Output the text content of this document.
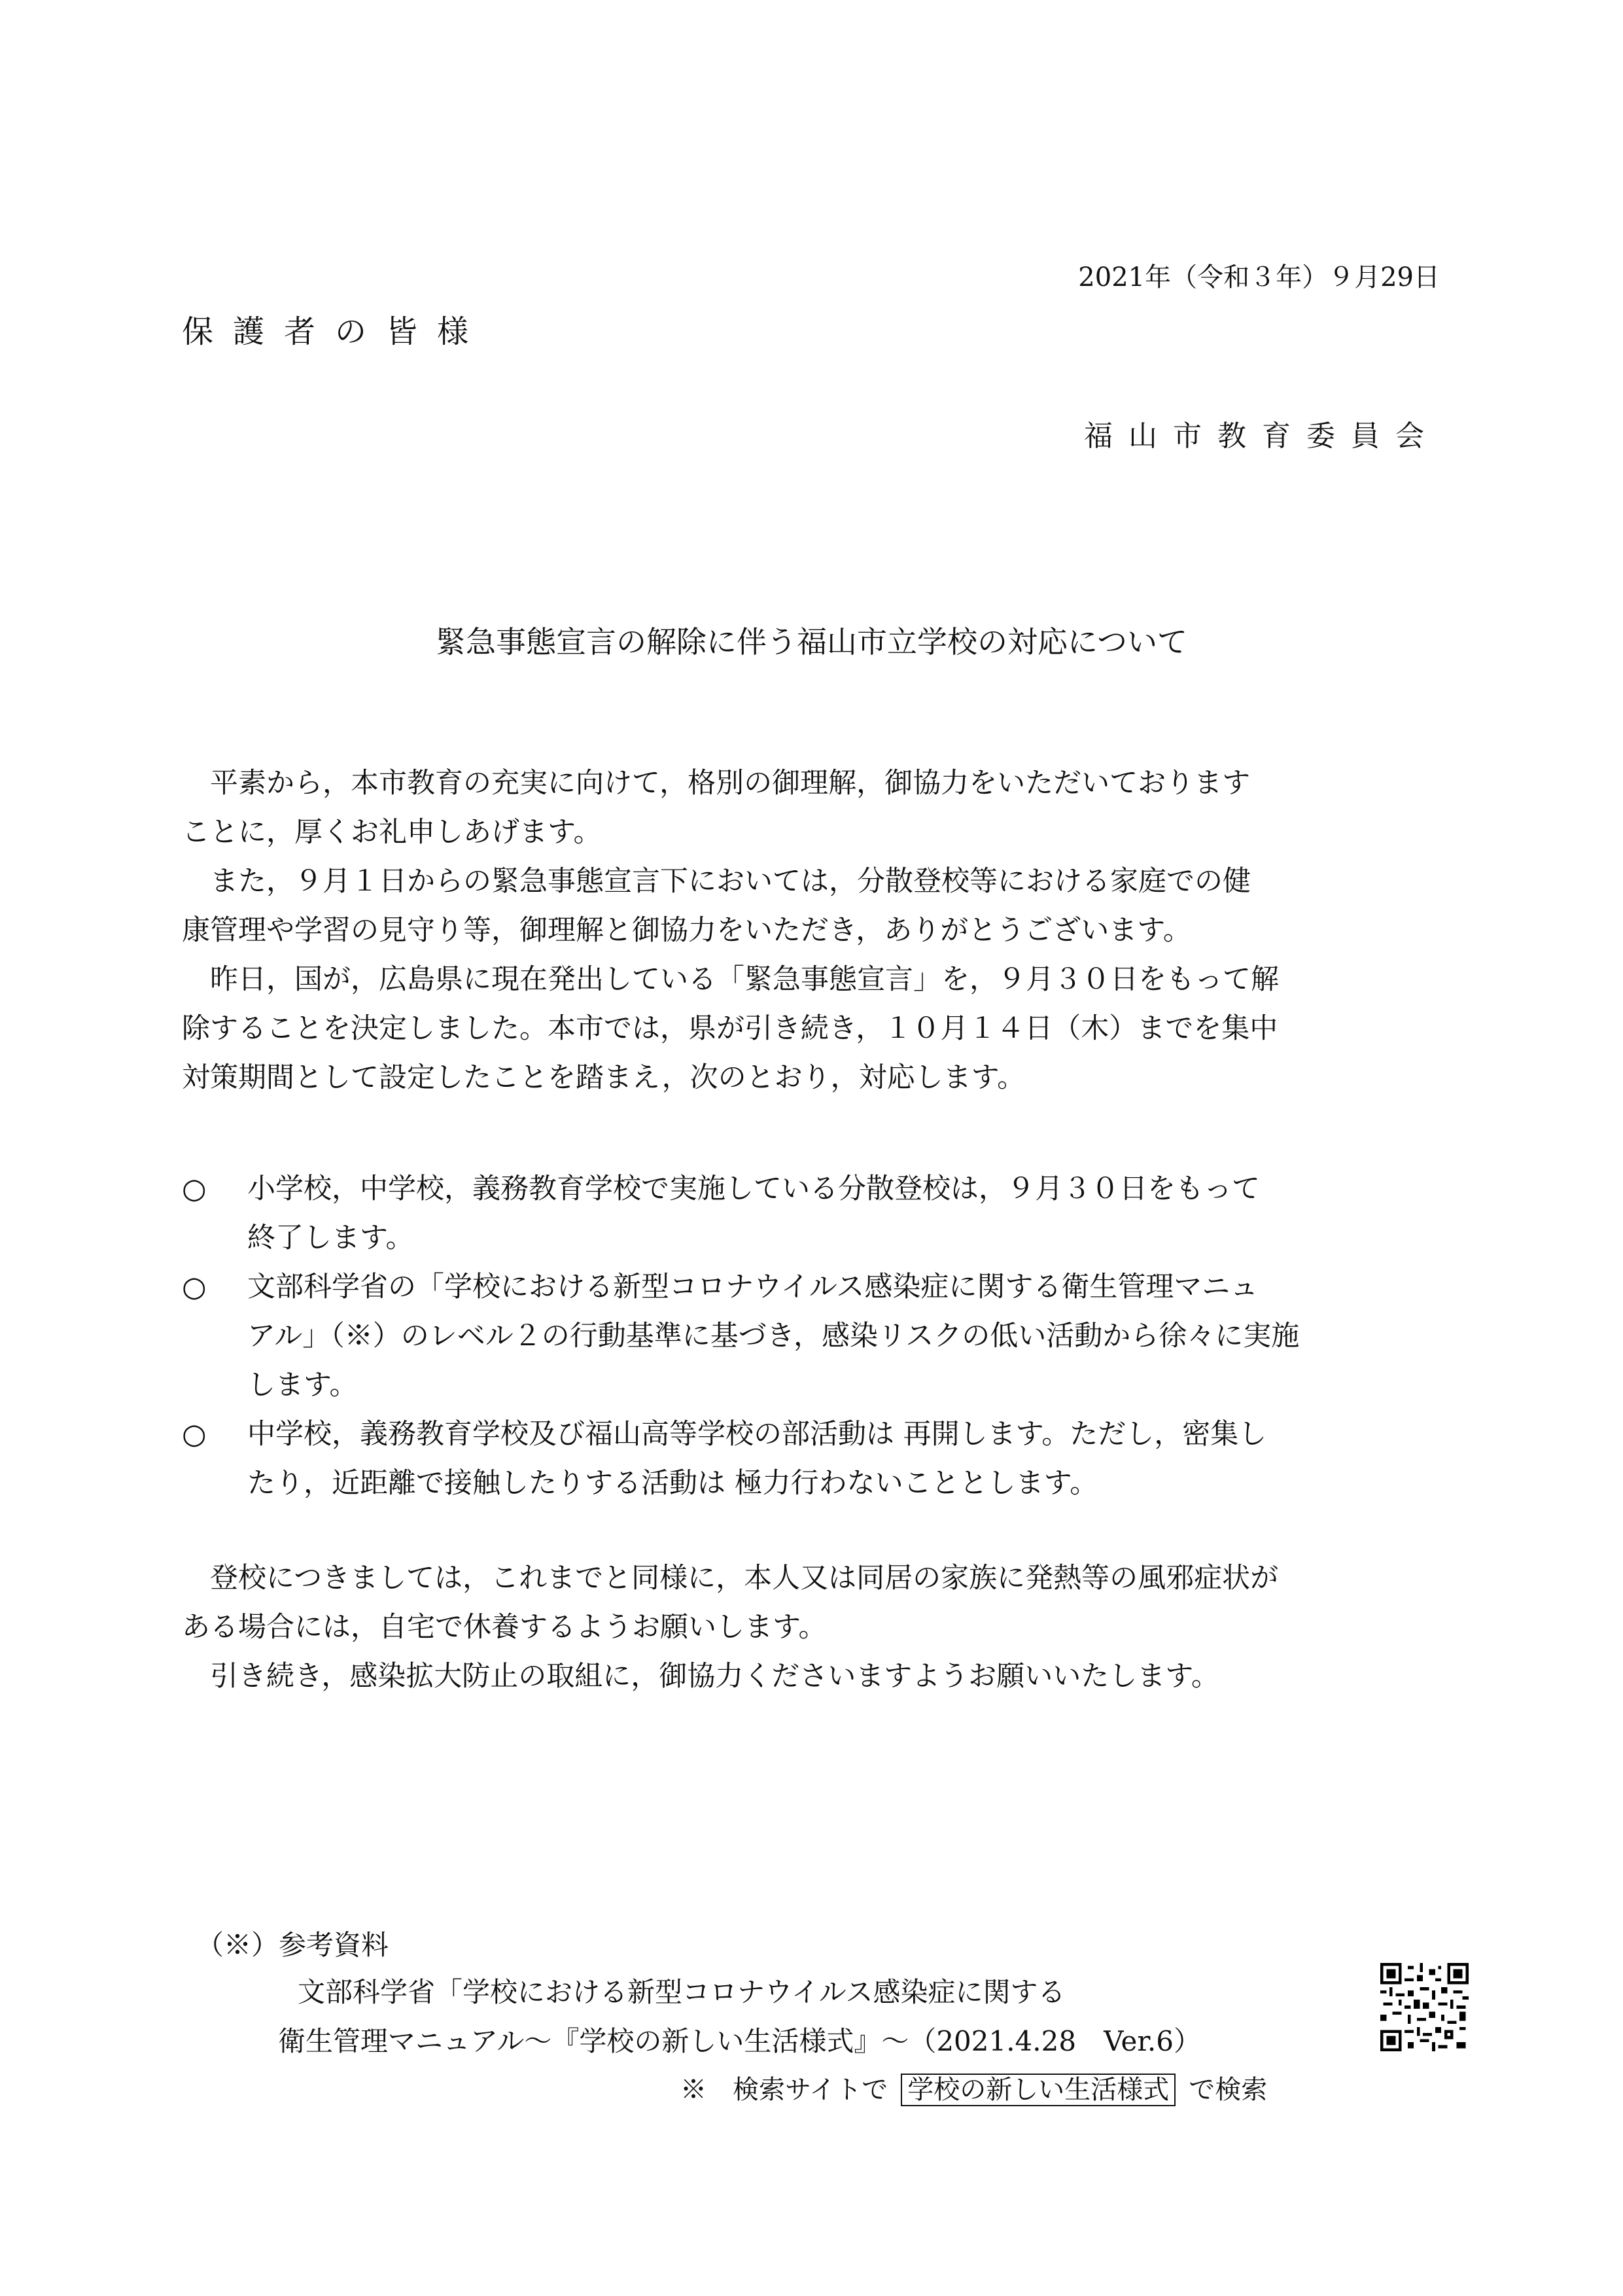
2021年（令和３年）９月29日
保護者の皆様
福山市教育委員会
緊急事態宣言の解除に伴う福山市立学校の対応について

平素から，本市教育の充実に向けて，格別の御理解，御協力をいただいております

ことに，厚くお礼申しあげます。

また，９月１日からの緊急事態宣言下においては，分散登校等における家庭での健

康管理や学習の見守り等，御理解と御協力をいただき，ありがとうございます。

昨日，国が，広島県に現在発出している「緊急事態宣言」を，９月３０日をもって解

除することを決定しました。本市では，県が引き続き，１０月１４日（木）までを集中

対策期間として設定したことを踏まえ，次のとおり，対応します。

○ 小学校，中学校，義務教育学校で実施している分散登校は，９月３０日をもって
終了します。
○ 文部科学省の「学校における新型コロナウイルス感染症に関する衛生管理マニュ
アル」（※）のレベル２の行動基準に基づき，感染リスクの低い活動から徐々に実施
します。
○ 中学校，義務教育学校及び福山高等学校の部活動は 再開します。ただし，密集し
たり，近距離で接触したりする活動は 極力行わないこととします。

登校につきましては，これまでと同様に，本人又は同居の家族に発熱等の風邪症状が

ある場合には，自宅で休養するようお願いします。

引き続き，感染拡大防止の取組に，御協力くださいますようお願いいたします。

（※）参考資料
文部科学省「学校における新型コロナウイルス感染症に関する
衛生管理マニュアル～『学校の新しい生活様式』～（2021.4.28　Ver.6）
※　検索サイトで 学校の新しい生活様式 で検索
